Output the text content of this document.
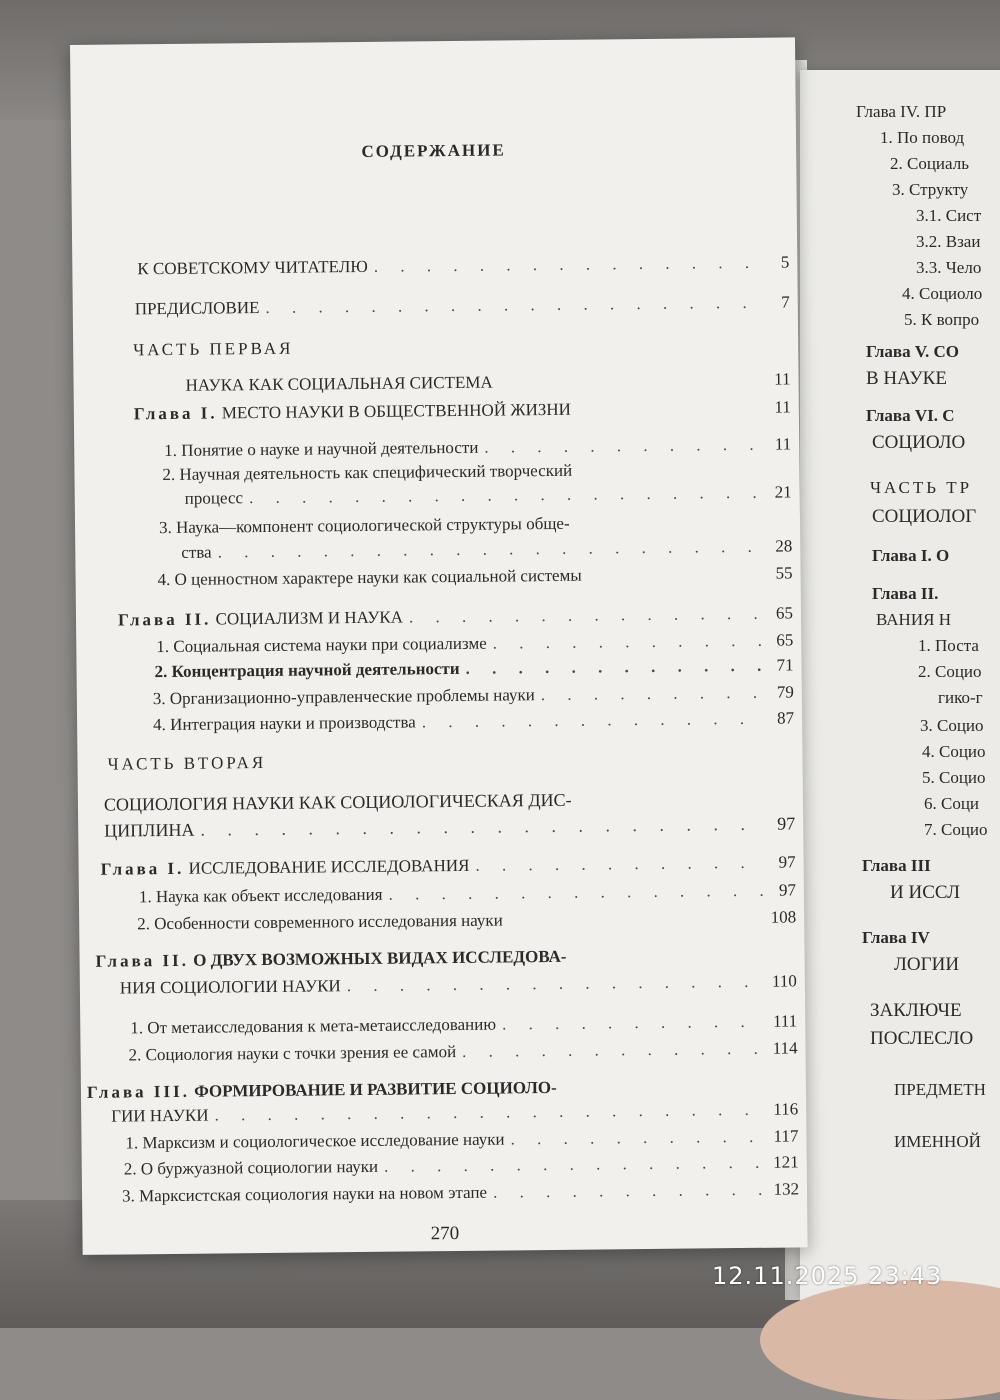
Глава IV. ПР
1. По повод
2. Социаль
3. Структу
3.1. Сист
3.2. Взаи
3.3. Чело
4. Социоло
5. К вопро
Глава V. СО
В НАУКЕ
Глава VI. С
СОЦИОЛО
ЧАСТЬ ТР
СОЦИОЛОГ
Глава I. О
Глава II.
ВАНИЯ Н
1. Поста
2. Социо
гико-г
3. Социо
4. Социо
5. Социо
6. Соци
7. Социо
Глава III
И ИССЛ
Глава IV
ЛОГИИ
ЗАКЛЮЧЕ
ПОСЛЕСЛО
ПРЕДМЕТН
ИМЕННОЙ
СОДЕРЖАНИЕ
К СОВЕТСКОМУ ЧИТАТЕЛЮ . . .	5
ПРЕДИСЛОВИЕ . . .	7
ЧАСТЬ ПЕРВАЯ
НАУКА КАК СОЦИАЛЬНАЯ СИСТЕМА	11
Глава I. МЕСТО НАУКИ В ОБЩЕСТВЕННОЙ ЖИЗНИ	11
1. Понятие о науке и научной деятельности . . .	11
2. Научная деятельность как специфический творческий
процесс . . .	21
3. Наука—компонент социологической структуры обще-
ства . . .	28
4. О ценностном характере науки как социальной системы	55
Глава II. СОЦИАЛИЗМ И НАУКА . . .	65
1. Социальная система науки при социализме . . .	65
2. Концентрация научной деятельности . . .	71
3. Организационно-управленческие проблемы науки . . .	79
4. Интеграция науки и производства . . .	87
ЧАСТЬ ВТОРАЯ
СОЦИОЛОГИЯ НАУКИ КАК СОЦИОЛОГИЧЕСКАЯ ДИС-
ЦИПЛИНА . . .	97
Глава I. ИССЛЕДОВАНИЕ ИССЛЕДОВАНИЯ . . .	97
1. Наука как объект исследования . . .	97
2. Особенности современного исследования науки	108
Глава II. О ДВУХ ВОЗМОЖНЫХ ВИДАХ ИССЛЕДОВА-
НИЯ СОЦИОЛОГИИ НАУКИ . . .	110
1. От метаисследования к мета-метаисследованию . . .	111
2. Социология науки с точки зрения ее самой . . .	114
Глава III. ФОРМИРОВАНИЕ И РАЗВИТИЕ СОЦИОЛО-
ГИИ НАУКИ . . .	116
1. Марксизм и социологическое исследование науки . . .	117
2. О буржуазной социологии науки . . .	121
3. Марксистская социология науки на новом этапе . . .	132
270
12.11.2025 23:43
